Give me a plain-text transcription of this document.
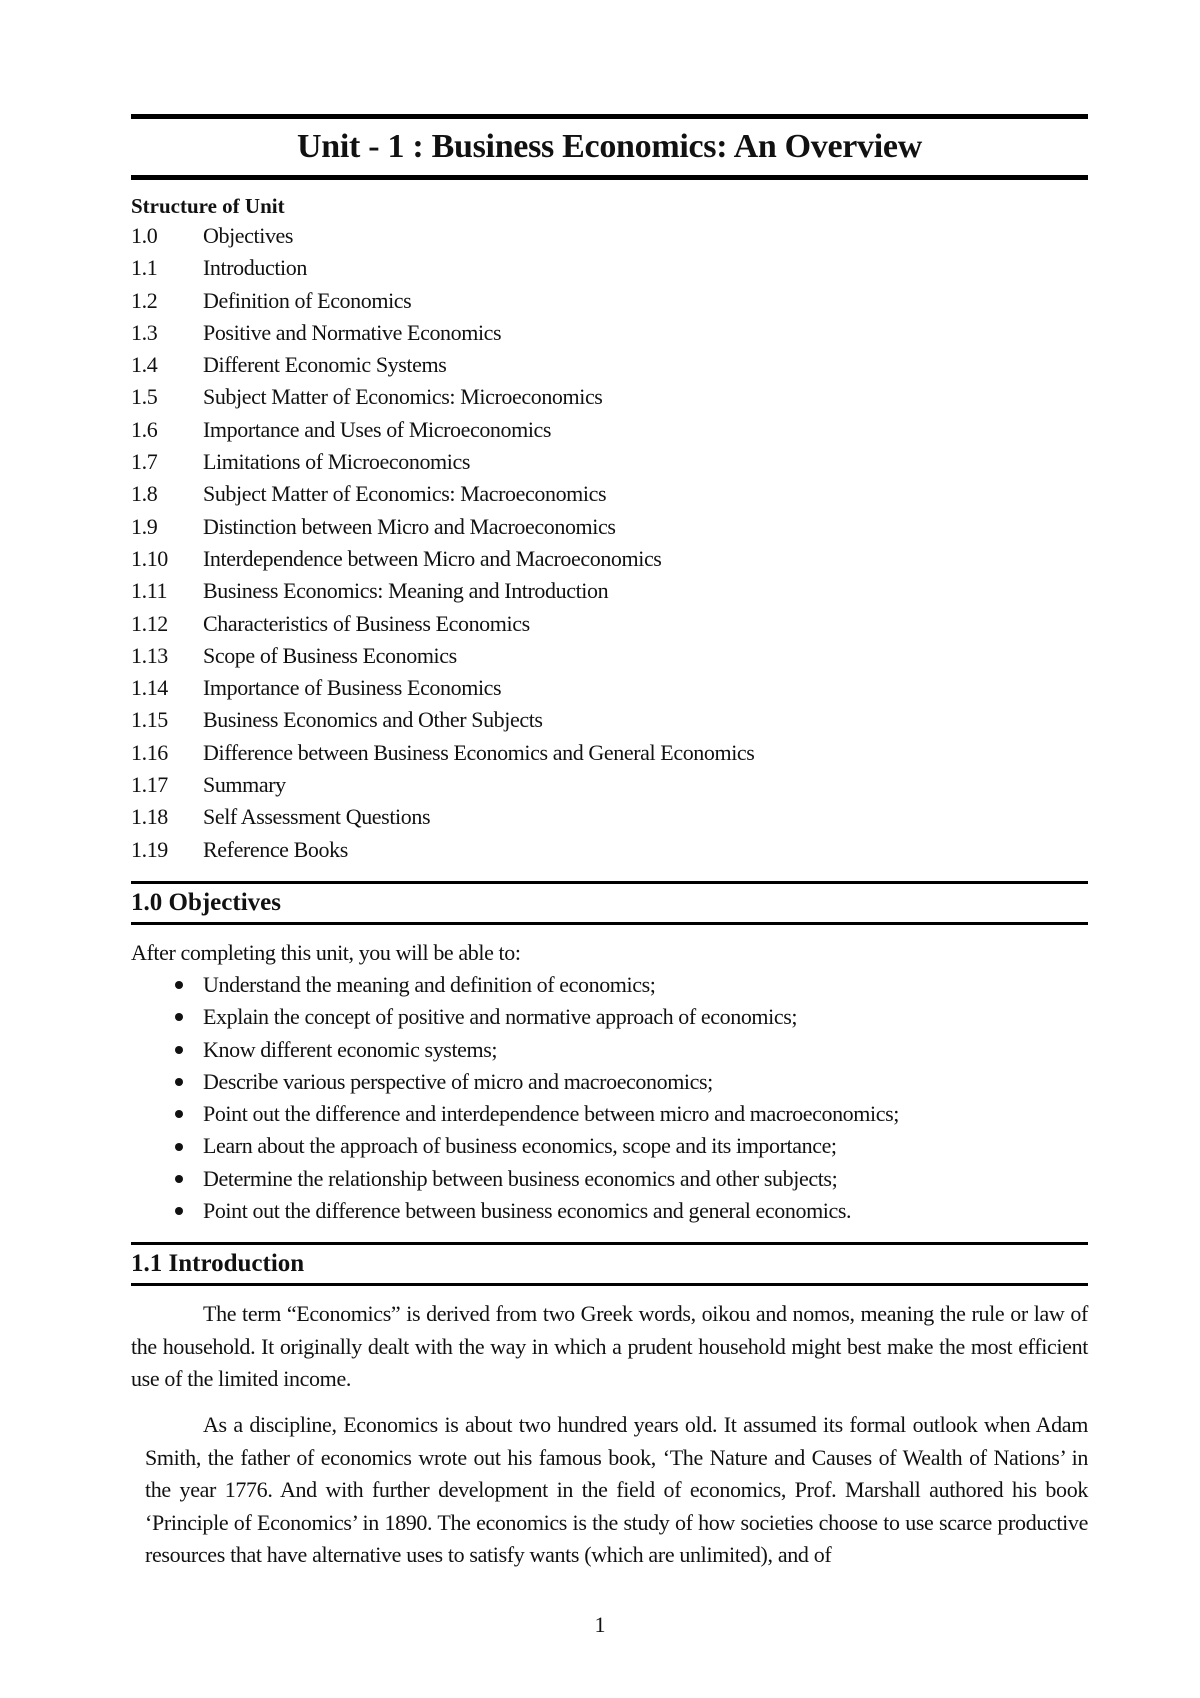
Unit - 1 : Business Economics: An Overview
Structure of Unit
1.0	Objectives
1.1	Introduction
1.2	Definition of Economics
1.3	Positive and Normative Economics
1.4	Different Economic Systems
1.5	Subject Matter of Economics: Microeconomics
1.6	Importance and Uses of Microeconomics
1.7	Limitations of Microeconomics
1.8	Subject Matter of Economics: Macroeconomics
1.9	Distinction between Micro and Macroeconomics
1.10	Interdependence between Micro and Macroeconomics
1.11	Business Economics: Meaning and Introduction
1.12	Characteristics of Business Economics
1.13	Scope of Business Economics
1.14	Importance of Business Economics
1.15	Business Economics and Other Subjects
1.16	Difference between Business Economics and General Economics
1.17	Summary
1.18	Self Assessment Questions
1.19	Reference Books
1.0 Objectives
After completing this unit, you will be able to:
Understand the meaning and definition of economics;
Explain the concept of positive and normative approach of economics;
Know different economic systems;
Describe various perspective of micro and macroeconomics;
Point out the difference and interdependence between micro and macroeconomics;
Learn about the approach of business economics, scope and its importance;
Determine the relationship between business economics and other subjects;
Point out the difference between business economics and general economics.
1.1 Introduction

The term “Economics” is derived from two Greek words, oikou and nomos, meaning the rule or law of the household. It originally dealt with the way in which a prudent household might best make the most efficient use of the limited income.

As a discipline, Economics is about two hundred years old. It assumed its formal outlook when Adam Smith, the father of economics wrote out his famous book, ‘The Nature and Causes of Wealth of Nations’ in the year 1776. And with further development in the field of economics, Prof. Marshall authored his book ‘Principle of Economics’ in 1890. The economics is the study of how societies choose to use scarce productive resources that have alternative uses to satisfy wants (which are unlimited), and of

1
